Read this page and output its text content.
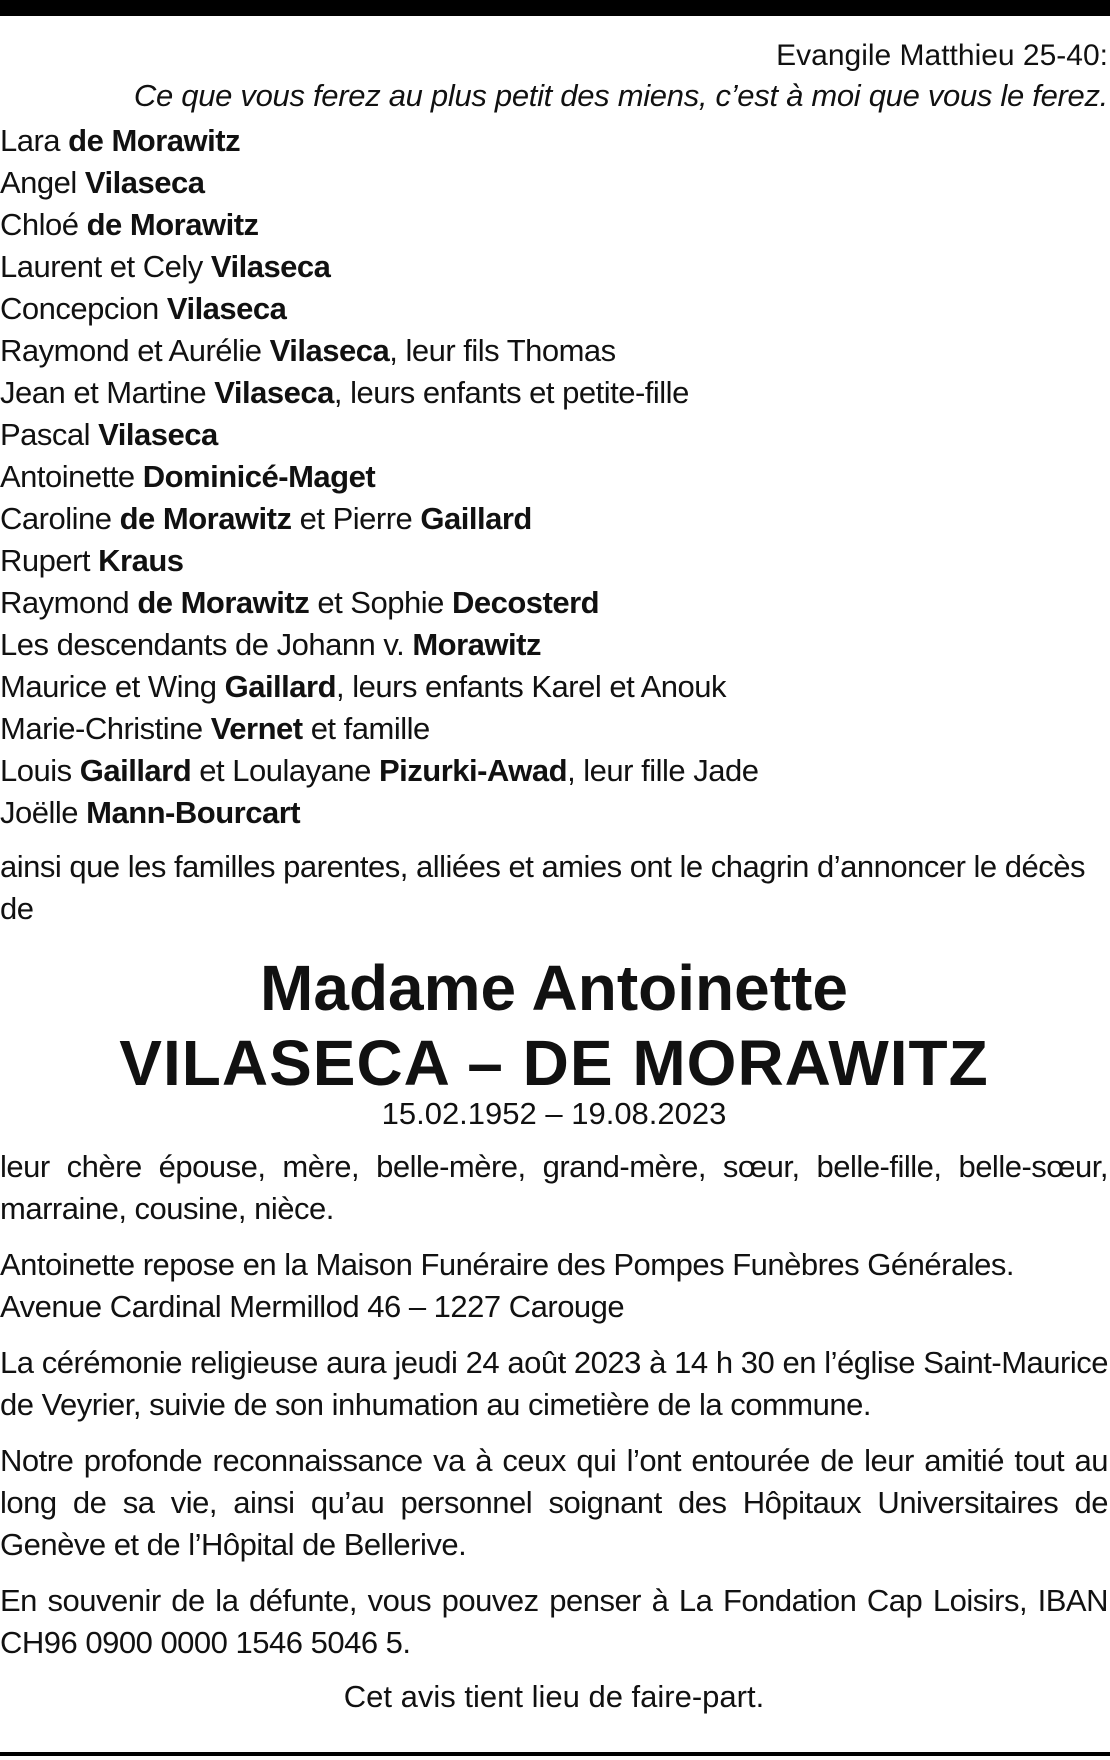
Evangile Matthieu 25-40:
Ce que vous ferez au plus petit des miens, c’est à moi que vous le ferez.
Lara de Morawitz
Angel Vilaseca
Chloé de Morawitz
Laurent et Cely Vilaseca
Concepcion Vilaseca
Raymond et Aurélie Vilaseca, leur fils Thomas
Jean et Martine Vilaseca, leurs enfants et petite-fille
Pascal Vilaseca
Antoinette Dominicé-Maget
Caroline de Morawitz et Pierre Gaillard
Rupert Kraus
Raymond de Morawitz et Sophie Decosterd
Les descendants de Johann v. Morawitz
Maurice et Wing Gaillard, leurs enfants Karel et Anouk
Marie-Christine Vernet et famille
Louis Gaillard et Loulayane Pizurki-Awad, leur fille Jade
Joëlle Mann-Bourcart
ainsi que les familles parentes, alliées et amies ont le chagrin d’annoncer le décès de
Madame Antoinette
VILASECA – DE MORAWITZ
15.02.1952 – 19.08.2023
leur chère épouse, mère, belle-mère, grand-mère, sœur, belle-fille, belle-sœur, marraine, cousine, nièce.
Antoinette repose en la Maison Funéraire des Pompes Funèbres Générales.
Avenue Cardinal Mermillod 46 – 1227 Carouge
La cérémonie religieuse aura jeudi 24 août 2023 à 14 h 30 en l’église Saint-Maurice de Veyrier, suivie de son inhumation au cimetière de la commune.
Notre profonde reconnaissance va à ceux qui l’ont entourée de leur amitié tout au long de sa vie, ainsi qu’au personnel soignant des Hôpitaux Universitaires de Genève et de l’Hôpital de Bellerive.
En souvenir de la défunte, vous pouvez penser à La Fondation Cap Loisirs, IBAN CH96 0900 0000 1546 5046 5.
Cet avis tient lieu de faire-part.
